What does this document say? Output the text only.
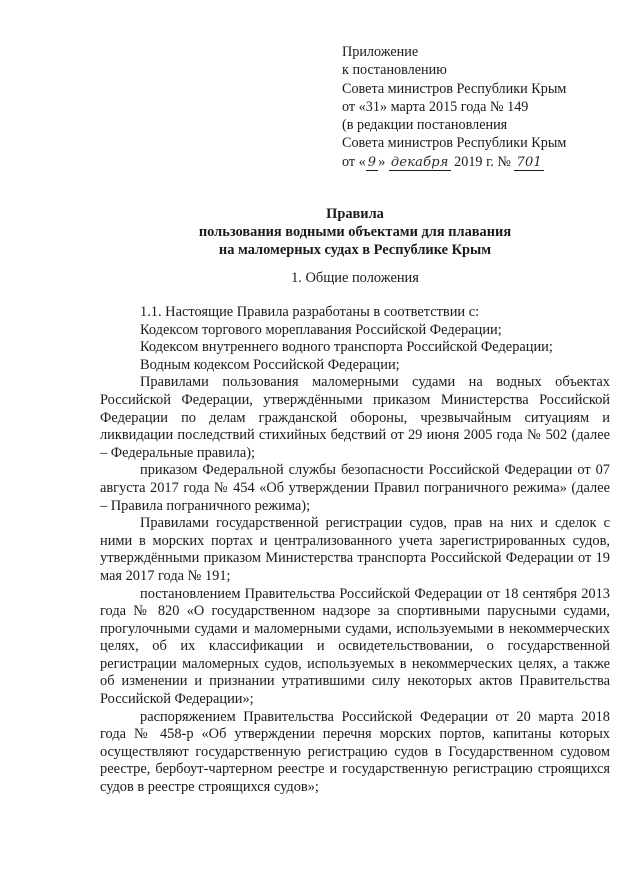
Приложение
к постановлению
Совета министров Республики Крым
от «31» марта 2015 года № 149
(в редакции постановления
Совета министров Республики Крым
от « 9 » декабря 2019 г. № 701
Правила
пользования водными объектами для плавания
на маломерных судах в Республике Крым
1. Общие положения

1.1. Настоящие Правила разработаны в соответствии с:

Кодексом торгового мореплавания Российской Федерации;

Кодексом внутреннего водного транспорта Российской Федерации;

Водным кодексом Российской Федерации;

Правилами пользования маломерными судами на водных объектах Российской Федерации, утверждёнными приказом Министерства Российской Федерации по делам гражданской обороны, чрезвычайным ситуациям и ликвидации последствий стихийных бедствий от 29 июня 2005 года № 502 (далее – Федеральные правила);

приказом Федеральной службы безопасности Российской Федерации от 07 августа 2017 года № 454 «Об утверждении Правил пограничного режима» (далее – Правила пограничного режима);

Правилами государственной регистрации судов, прав на них и сделок с ними в морских портах и централизованного учета зарегистрированных судов, утверждёнными приказом Министерства транспорта Российской Федерации от 19 мая 2017 года № 191;

постановлением Правительства Российской Федерации от 18 сентября 2013 года № 820 «О государственном надзоре за спортивными парусными судами, прогулочными судами и маломерными судами, используемыми в некоммерческих целях, об их классификации и освидетельствовании, о государственной регистрации маломерных судов, используемых в некоммерческих целях, а также об изменении и признании утратившими силу некоторых актов Правительства Российской Федерации»;

распоряжением Правительства Российской Федерации от 20 марта 2018 года № 458-р «Об утверждении перечня морских портов, капитаны которых осуществляют государственную регистрацию судов в Государственном судовом реестре, бербоут-чартерном реестре и государственную регистрацию строящихся судов в реестре строящихся судов»;
